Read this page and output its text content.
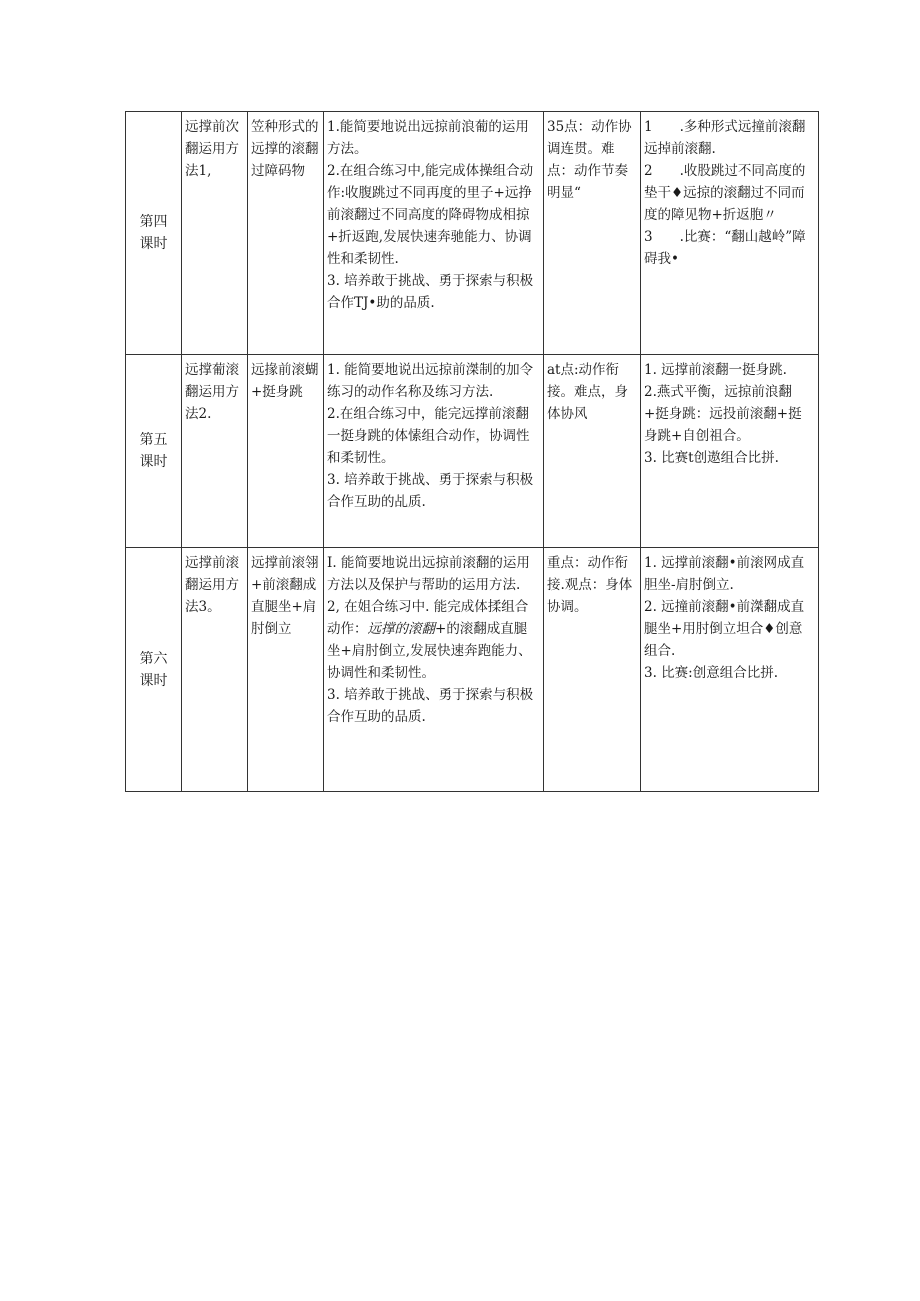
第四
课时	远撑前次翻运用方法1,	笠种形式的远撑的滚翻过障码物	1.能简要地说出远掠前浪葡的运用方法。
2.在组合练习中,能完成体操组合动作:收腹跳过不同再度的里子+远挣前滚翻过不同高度的降碍物成相掠+折返跑,发展快速奔驰能力、协调性和柔韧性.
3. 培养敢于挑战、勇于探索与积极合作TJ•助的品质.	35点：动作协调连贯。难点：动作节奏明显“	1　　.多种形式远撞前滚翻远掉前滚翻.
2　　.收股跳过不同高度的垫干♦远掠的滚翻过不同而度的障见物+折返胞〃
3　　.比赛：“翻山越岭”障碍我•

第五
课时	远撑葡滚翻运用方法2.	远掾前滚蝴+挺身跳	1. 能简要地说出远掠前滐制的加令练习的动作名称及练习方法.
2.在组合练习中，能完远撑前滚翻一挺身跳的体愫组合动作，协调性和柔韧性。
3. 培养敢于挑战、勇于探索与积极合作互助的乩质.	at点:动作衔接。难点，身体协风	1. 远撑前滚翻一挺身跳.
2.燕式平衡，远掠前浪翻+挺身跳：远投前滚翻+挺身跳+自创祖合。
3. 比赛t创遨组合比拼.

第六
课时	远撑前滚翻运用方法3。	远撑前滚翎+前滚翻成直腿坐+肩肘倒立	I. 能简要地说出远掠前滚翻的运用方法以及保护与帮助的运用方法.
2, 在姐合练习中. 能完成体揉组合动作：远撑的滚翻+的滚翻成直腿坐+肩肘倒立,发展快速奔跑能力、协调性和柔韧性。
3. 培养敢于挑战、勇于探索与积极合作互助的品质.	重点：动作衔接.观点：身体协调。	1. 远撑前滚翻•前滚网成直胆坐-肩肘倒立.
2. 远撞前滚翻•前滐翻成直腿坐+用肘倒立坦合♦创意组合.
3. 比赛:创意组合比拼.
